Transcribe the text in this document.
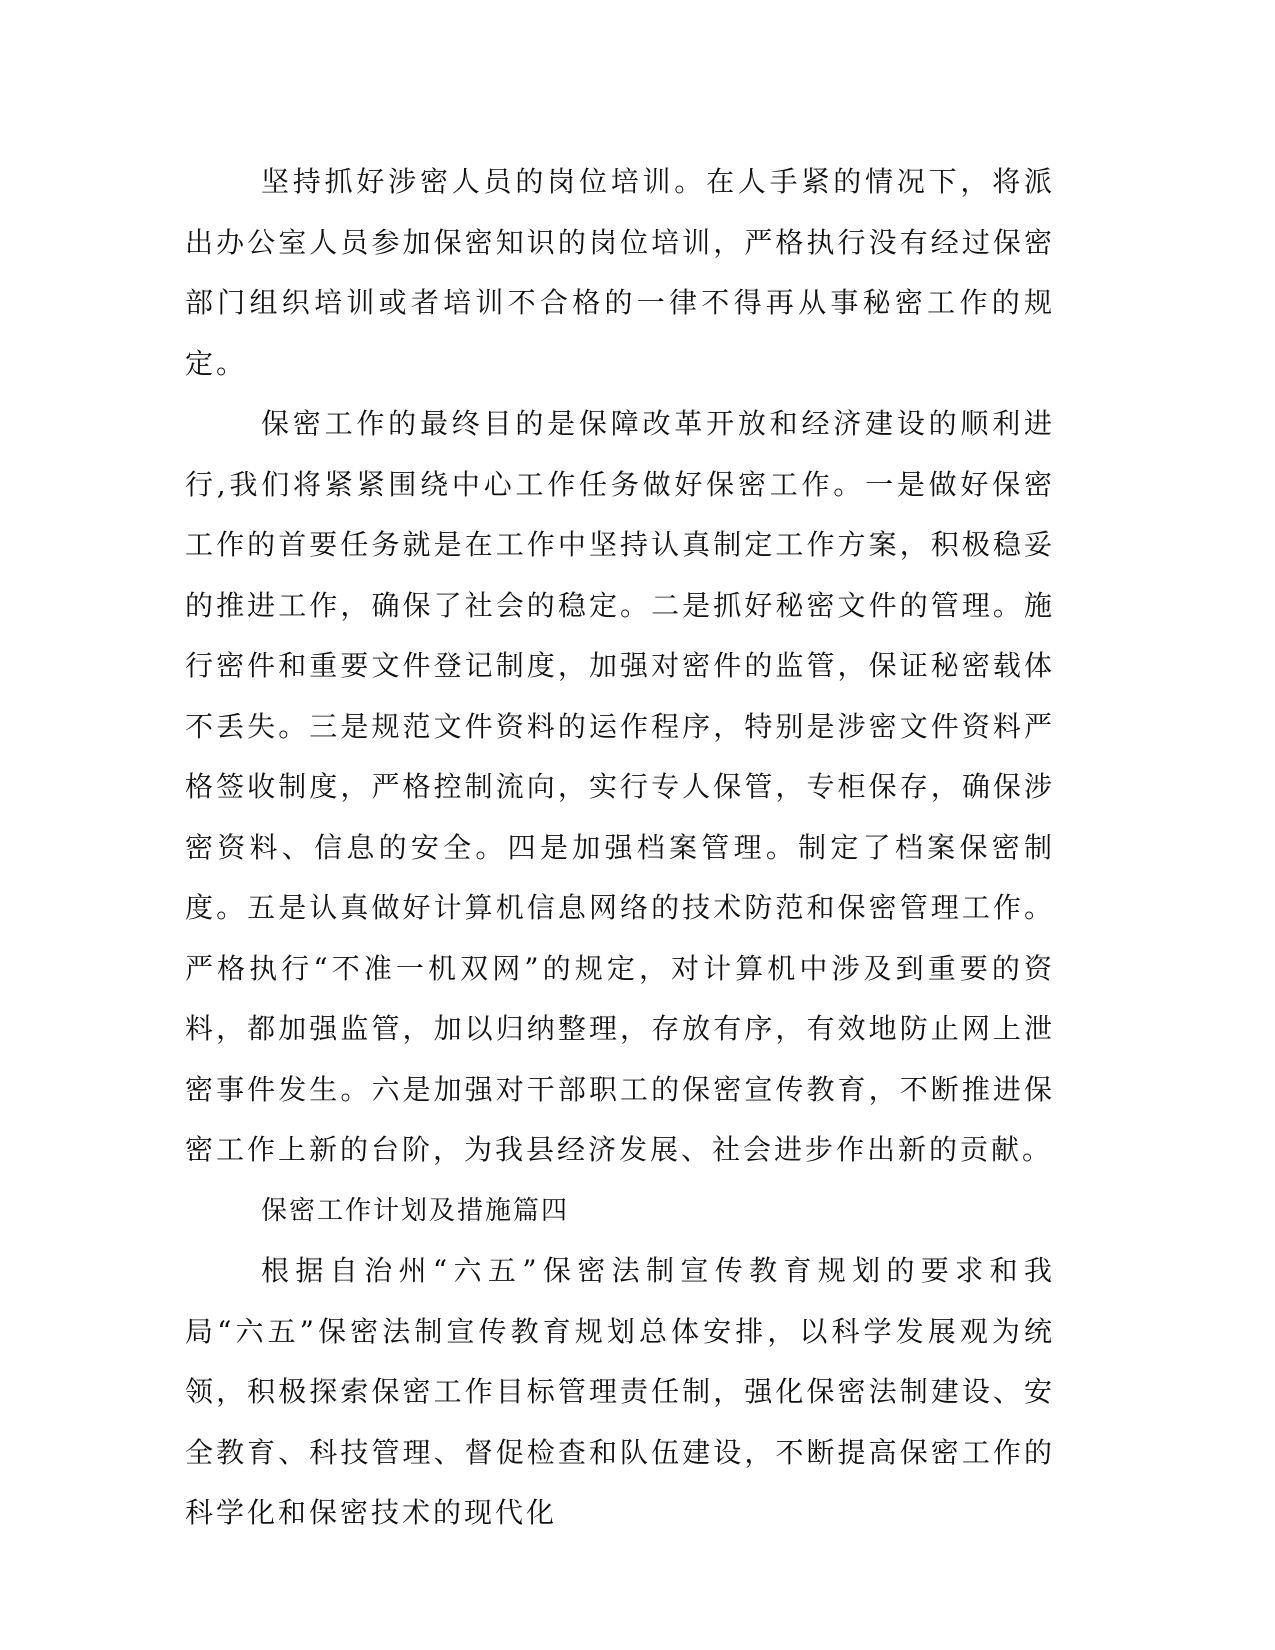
坚持抓好涉密人员的岗位培训。在人手紧的情况下，将派出办公室人员参加保密知识的岗位培训，严格执行没有经过保密部门组织培训或者培训不合格的一律不得再从事秘密工作的规定。

保密工作的最终目的是保障改革开放和经济建设的顺利进行,我们将紧紧围绕中心工作任务做好保密工作。一是做好保密工作的首要任务就是在工作中坚持认真制定工作方案，积极稳妥的推进工作，确保了社会的稳定。二是抓好秘密文件的管理。施行密件和重要文件登记制度，加强对密件的监管，保证秘密载体不丢失。三是规范文件资料的运作程序，特别是涉密文件资料严格签收制度，严格控制流向，实行专人保管，专柜保存，确保涉密资料、信息的安全。四是加强档案管理。制定了档案保密制度。五是认真做好计算机信息网络的技术防范和保密管理工作。严格执行“不准一机双网”的规定，对计算机中涉及到重要的资料，都加强监管，加以归纳整理，存放有序，有效地防止网上泄密事件发生。六是加强对干部职工的保密宣传教育，不断推进保密工作上新的台阶，为我县经济发展、社会进步作出新的贡献。

保密工作计划及措施篇四

根据自治州“六五”保密法制宣传教育规划的要求和我局“六五”保密法制宣传教育规划总体安排，以科学发展观为统领，积极探索保密工作目标管理责任制，强化保密法制建设、安全教育、科技管理、督促检查和队伍建设，不断提高保密工作的科学化和保密技术的现代化
